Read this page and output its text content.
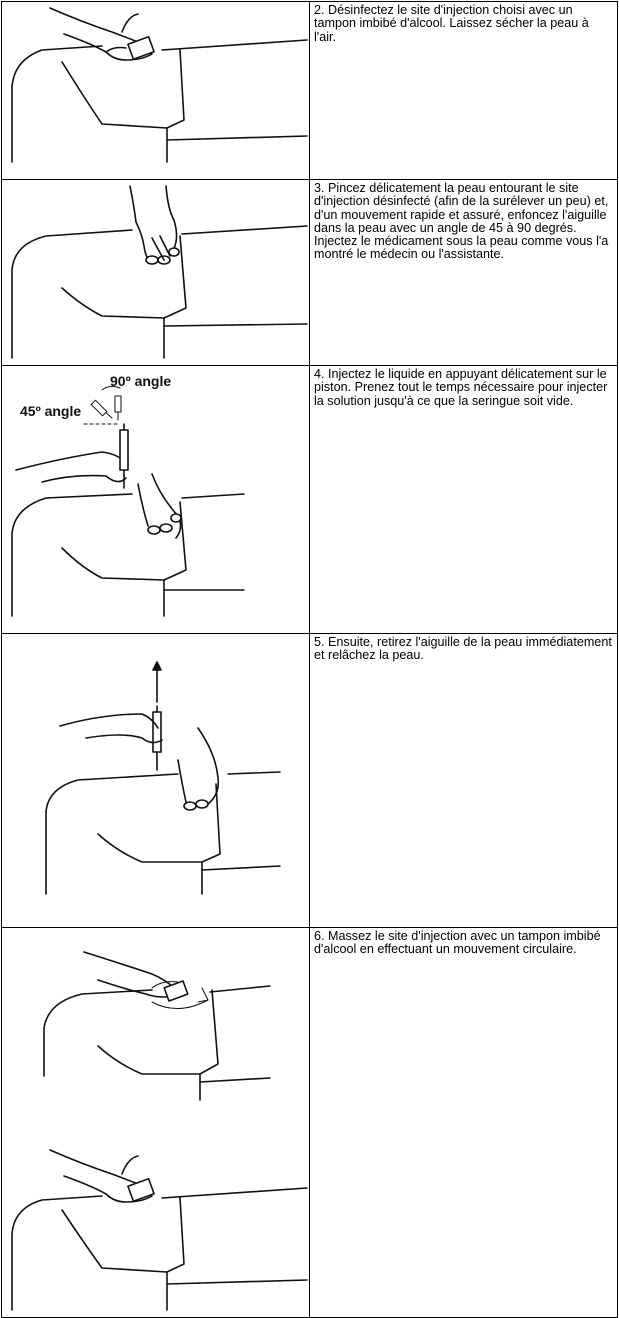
2. Désinfectez le site d'injection choisi avec un tampon imbibé d'alcool. Laissez sécher la peau à l'air.

3. Pincez délicatement la peau entourant le site d'injection désinfecté (afin de la surélever un peu) et, d'un mouvement rapide et assuré, enfoncez l'aiguille dans la peau avec un angle de 45 à 90 degrés. Injectez le médicament sous la peau comme vous l'a montré le médecin ou l'assistante.

90º angle
45º angle	4. Injectez le liquide en appuyant délicatement sur le piston. Prenez tout le temps nécessaire pour injecter la solution jusqu'à ce que la seringue soit vide.

5. Ensuite, retirez l'aiguille de la peau immédiatement et relâchez la peau.

6. Massez le site d'injection avec un tampon imbibé d'alcool en effectuant un mouvement circulaire.
